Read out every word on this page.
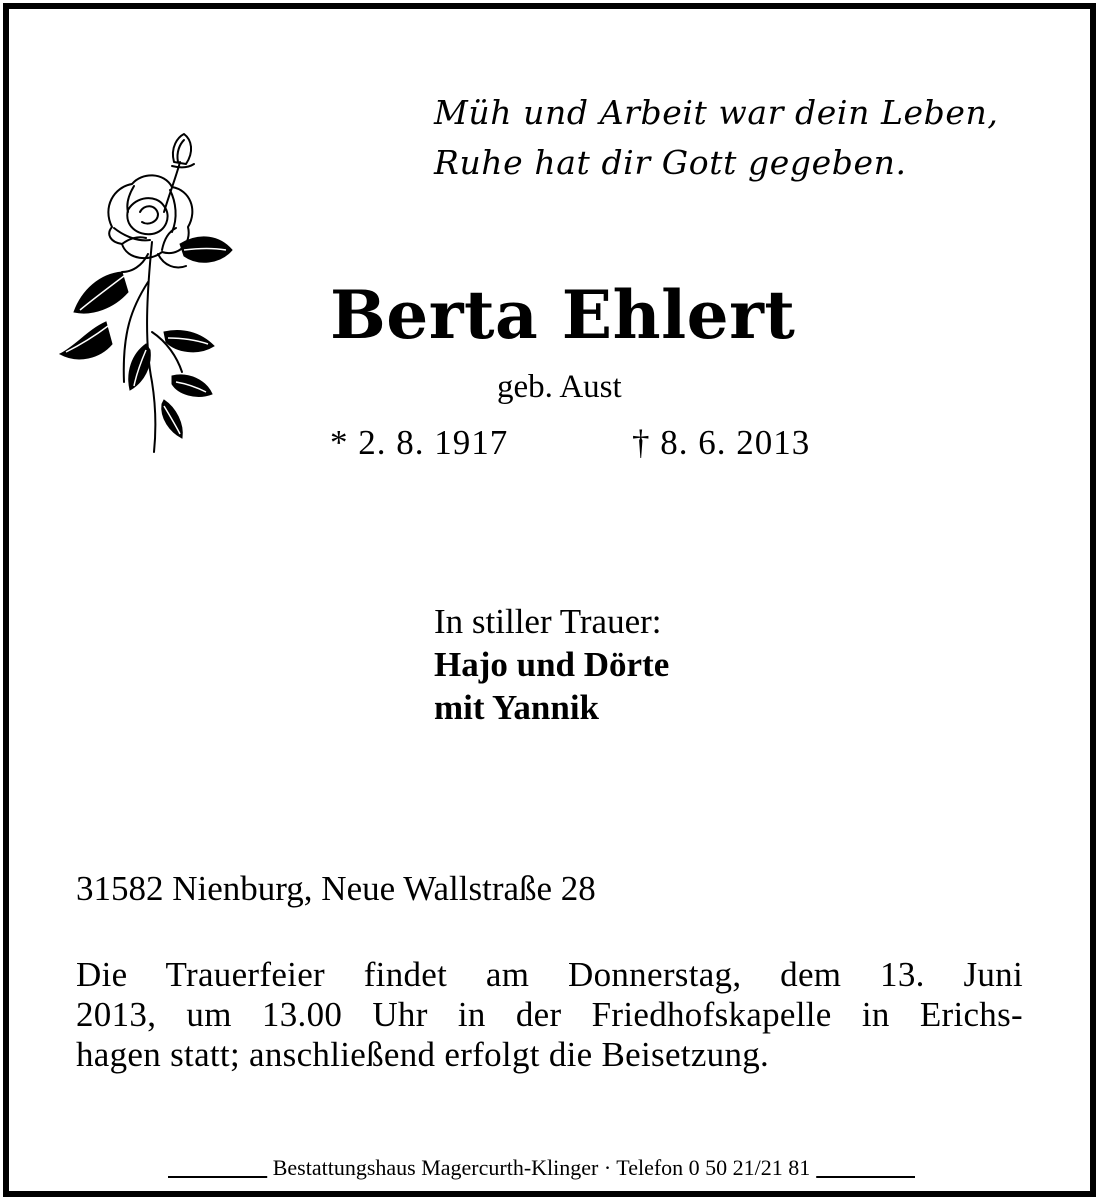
Müh und Arbeit war dein Leben,
Ruhe hat dir Gott gegeben.
Berta Ehlert
geb. Aust
* 2. 8. 1917	† 8. 6. 2013
In stiller Trauer:
Hajo und Dörte
mit Yannik
31582 Nienburg, Neue Wallstraße 28
Die Trauerfeier findet am Donnerstag, dem 13. Juni
2013, um 13.00 Uhr in der Friedhofskapelle in Erichs-
hagen statt; anschließend erfolgt die Beisetzung.
Bestattungshaus Magercurth-Klinger · Telefon 0 50 21/21 81
